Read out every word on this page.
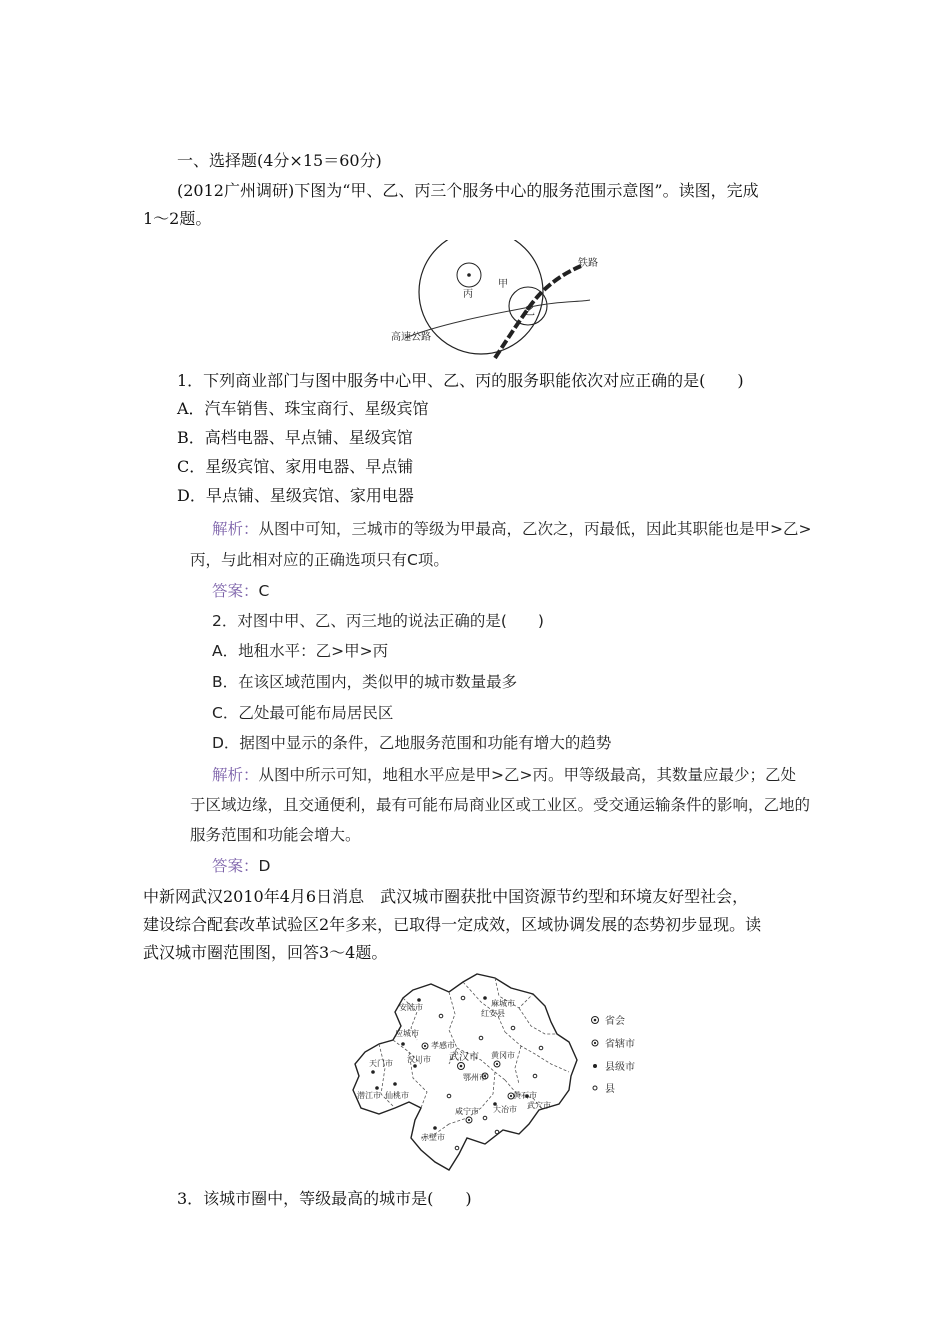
一、选择题(4分×15＝60分)
(2012广州调研)下图为“甲、乙、丙三个服务中心的服务范围示意图”。读图，完成
1～2题。
铁路
高速公路
甲
乙
丙
1．下列商业部门与图中服务中心甲、乙、丙的服务职能依次对应正确的是(　　)
A．汽车销售、珠宝商行、星级宾馆
B．高档电器、早点铺、星级宾馆
C．星级宾馆、家用电器、早点铺
D．早点铺、星级宾馆、家用电器
解析：从图中可知，三城市的等级为甲最高，乙次之，丙最低，因此其职能也是甲>乙>
丙，与此相对应的正确选项只有C项。
答案：C
2．对图中甲、乙、丙三地的说法正确的是(　　)
A．地租水平：乙>甲>丙
B．在该区域范围内，类似甲的城市数量最多
C．乙处最可能布局居民区
D．据图中显示的条件，乙地服务范围和功能有增大的趋势
解析：从图中所示可知，地租水平应是甲>乙>丙。甲等级最高，其数量应最少；乙处
于区域边缘，且交通便利，最有可能布局商业区或工业区。受交通运输条件的影响，乙地的
服务范围和功能会增大。
答案：D
中新网武汉2010年4月6日消息　武汉城市圈获批中国资源节约型和环境友好型社会，
建设综合配套改革试验区2年多来，已取得一定成效，区域协调发展的态势初步显现。读
武汉城市圈范围图，回答3～4题。
安陆市	麻城市
红安县
应城市
孝感市
武汉市
天门市 汉川市	黄冈市
鄂州市
潜江市 仙桃市	黄石市
大冶市 武穴市
咸宁市
赤壁市
省会
省辖市
县级市
县
3．该城市圈中，等级最高的城市是(　　)
